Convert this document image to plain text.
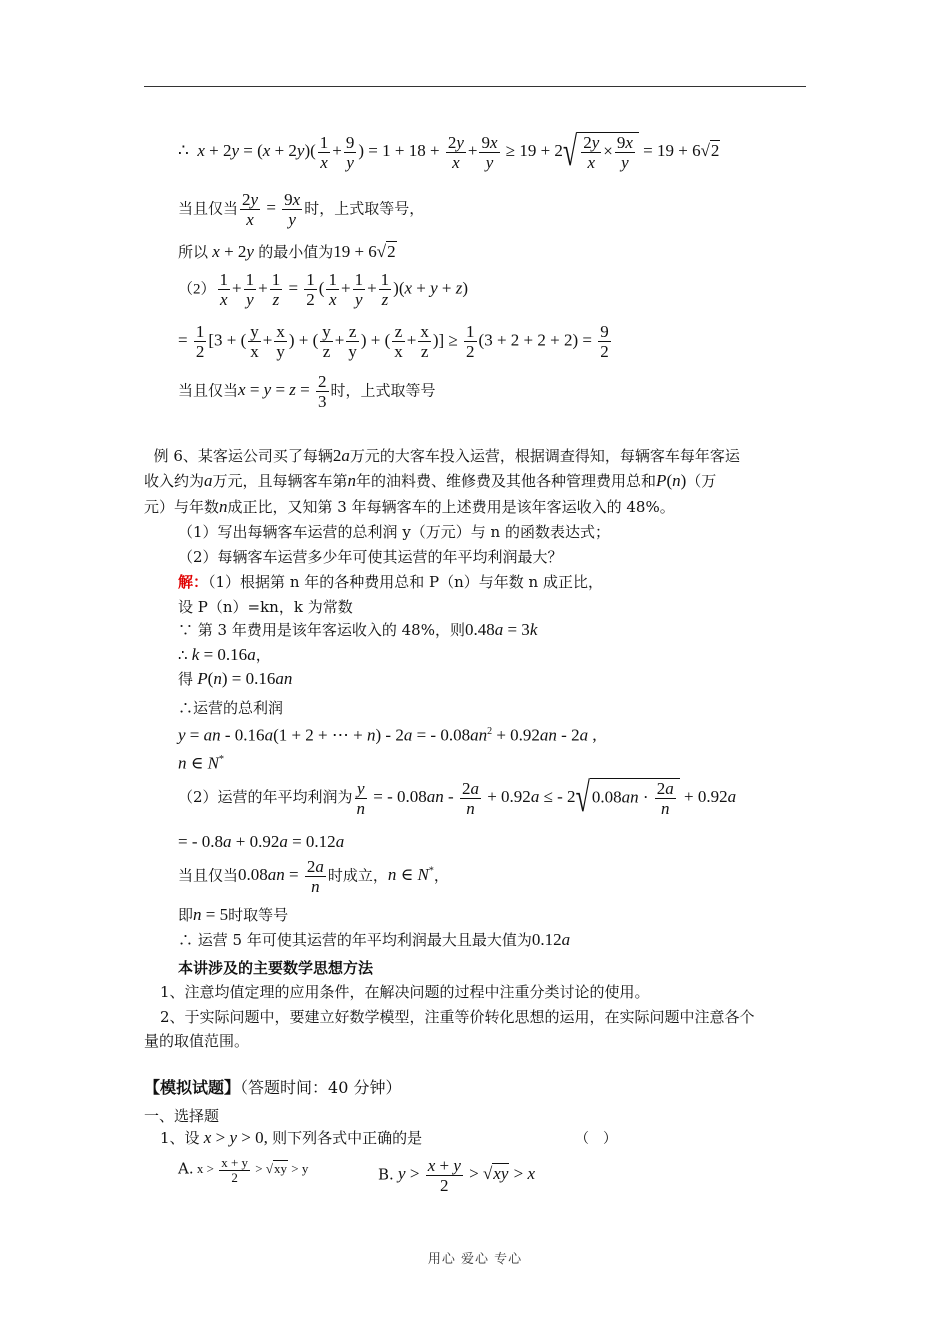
∴ $x + 2y = (x + 2y)( \frac{1}{x} + \frac{9}{y}$ ) = $1 + 18 + \frac{2y}{x} + \frac{9x}{y} \ge 19 + 2√ \frac{2y}{x} \times \frac{9x}{y} = 19 + 6√2$
当且仅当 $\frac{2y}{x} = \frac{9x}{y}$ 时，上式取等号，
所以 x + 2y 的最小值为19 + 6√2
$(2) \frac{1}{x} + \frac{1}{y} + \frac{1}{z} = \frac{1}{2}$ ( $\frac{1}{x} + \frac{1}{y} + \frac{1}{z} )(x + y + z)$
= $\frac{1}{2} [3$ + ( $\frac{y}{x} + \frac{x}{y}$ ) + ( $\frac{y}{z} + \frac{z}{y}$ ) + ( $\frac{z}{x} + \frac{x}{z}$ )] ≥ $\frac{1}{2} (3 + 2 + 2 + 2) = \frac{9}{2}$
当且仅当$x = y = z = \frac{2}{3}$ 时，上式取等号
例 6、某客运公司买了每辆2a万元的大客车投入运营，根据调查得知，每辆客车每年客运
收入约为a万元，且每辆客车第n年的油料费、维修费及其他各种管理费用总和P(n)（万
元）与年数n成正比，又知第 3 年每辆客车的上述费用是该年客运收入的 48%。
（1）写出每辆客车运营的总利润 y（万元）与 n 的函数表达式；
（2）每辆客车运营多少年可使其运营的年平均利润最大？
解：（1）根据第 n 年的各种费用总和 P（n）与年数 n 成正比，
设 P（n）=kn，k 为常数
∵ 第 3 年费用是该年客运收入的 48%，则0.48a = 3k
∴ k = 0.16a，
得 P(n) = 0.16an
∴运营的总利润
y = an - 0.16a(1 + 2 + ⋯ + n) - 2a = - $0.08an^2 + 0.92an - 2a$ ,
n ∈ N*
（2）运营的年平均利润为 $\frac{y}{n}$ = - $0.08an - \frac{2a}{n} + 0.92a$ ≤ - 2√ $0.08an \cdot \frac{2a}{n} + 0.92a$
= - 0.8a + 0.92a = 0.12a
当且仅当$0.08an = \frac{2a}{n}$ 时成立，n ∈ N*，
即n = 5时取等号
∴ 运营 5 年可使其运营的年平均利润最大且最大值为0.12a
本讲涉及的主要数学思想方法
1、注意均值定理的应用条件，在解决问题的过程中注重分类讨论的使用。
2、于实际问题中，要建立好数学模型，注重等价转化思想的运用，在实际问题中注意各个
量的取值范围。
【模拟试题】（答题时间：40 分钟）
一、选择题
1、设 x > y > 0, 则下列各式中正确的是	（　）
A. $x > \frac{x + y}{2} > √xy > y$	B. $y > \frac{x + y}{2} > √xy > x$
用心 爱心 专心
